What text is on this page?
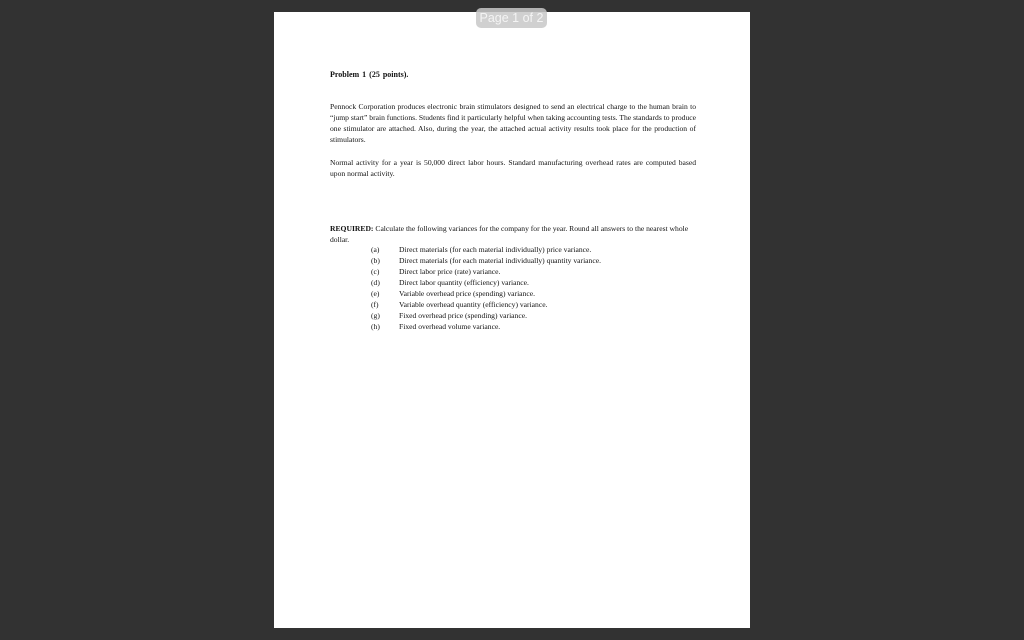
Problem 1 (25 points).
Pennock Corporation produces electronic brain stimulators designed to send an electrical charge to the human brain to “jump start” brain functions. Students find it particularly helpful when taking accounting tests. The standards to produce one stimulator are attached. Also, during the year, the attached actual activity results took place for the production of stimulators.
Normal activity for a year is 50,000 direct labor hours. Standard manufacturing overhead rates are computed based upon normal activity.
REQUIRED: Calculate the following variances for the company for the year. Round all answers to the nearest whole dollar.
(a)	Direct materials (for each material individually) price variance.
(b)	Direct materials (for each material individually) quantity variance.
(c)	Direct labor price (rate) variance.
(d)	Direct labor quantity (efficiency) variance.
(e)	Variable overhead price (spending) variance.
(f)	Variable overhead quantity (efficiency) variance.
(g)	Fixed overhead price (spending) variance.
(h)	Fixed overhead volume variance.
Page 1 of 2
